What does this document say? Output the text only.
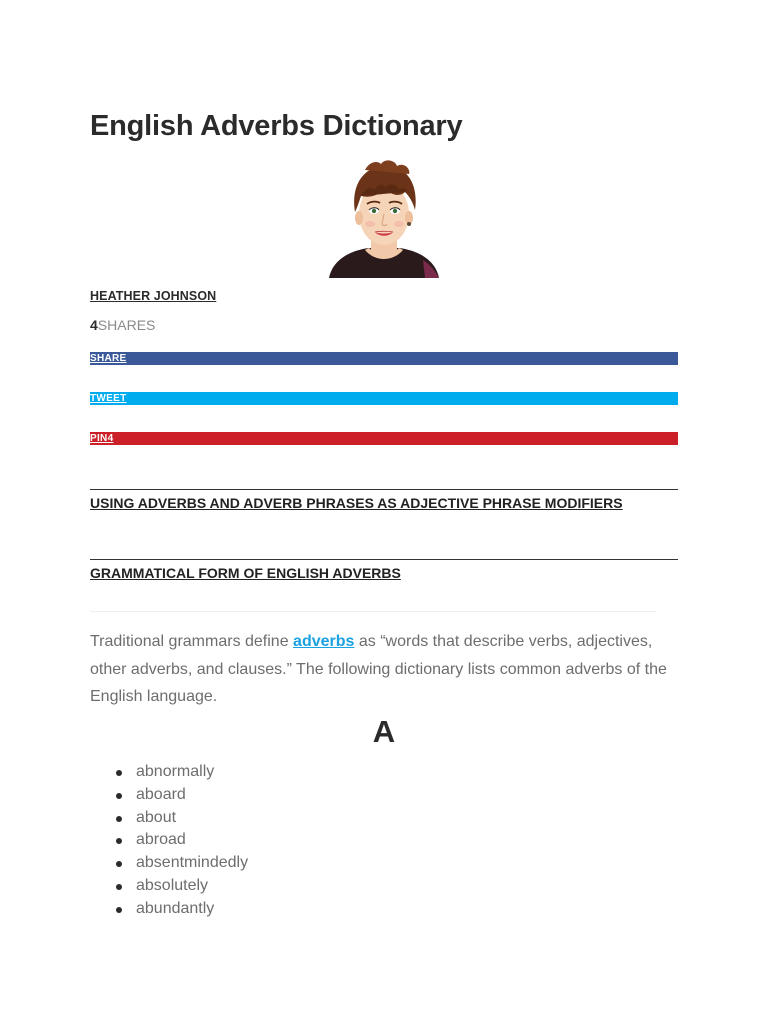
English Adverbs Dictionary
HEATHER JOHNSON
4SHARES
SHARE
TWEET
PIN4
USING ADVERBS AND ADVERB PHRASES AS ADJECTIVE PHRASE MODIFIERS
GRAMMATICAL FORM OF ENGLISH ADVERBS

Traditional grammars define adverbs as “words that describe verbs, adjectives, other adverbs, and clauses.” The following dictionary lists common adverbs of the English language.

A
abnormally
aboard
about
abroad
absentmindedly
absolutely
abundantly
